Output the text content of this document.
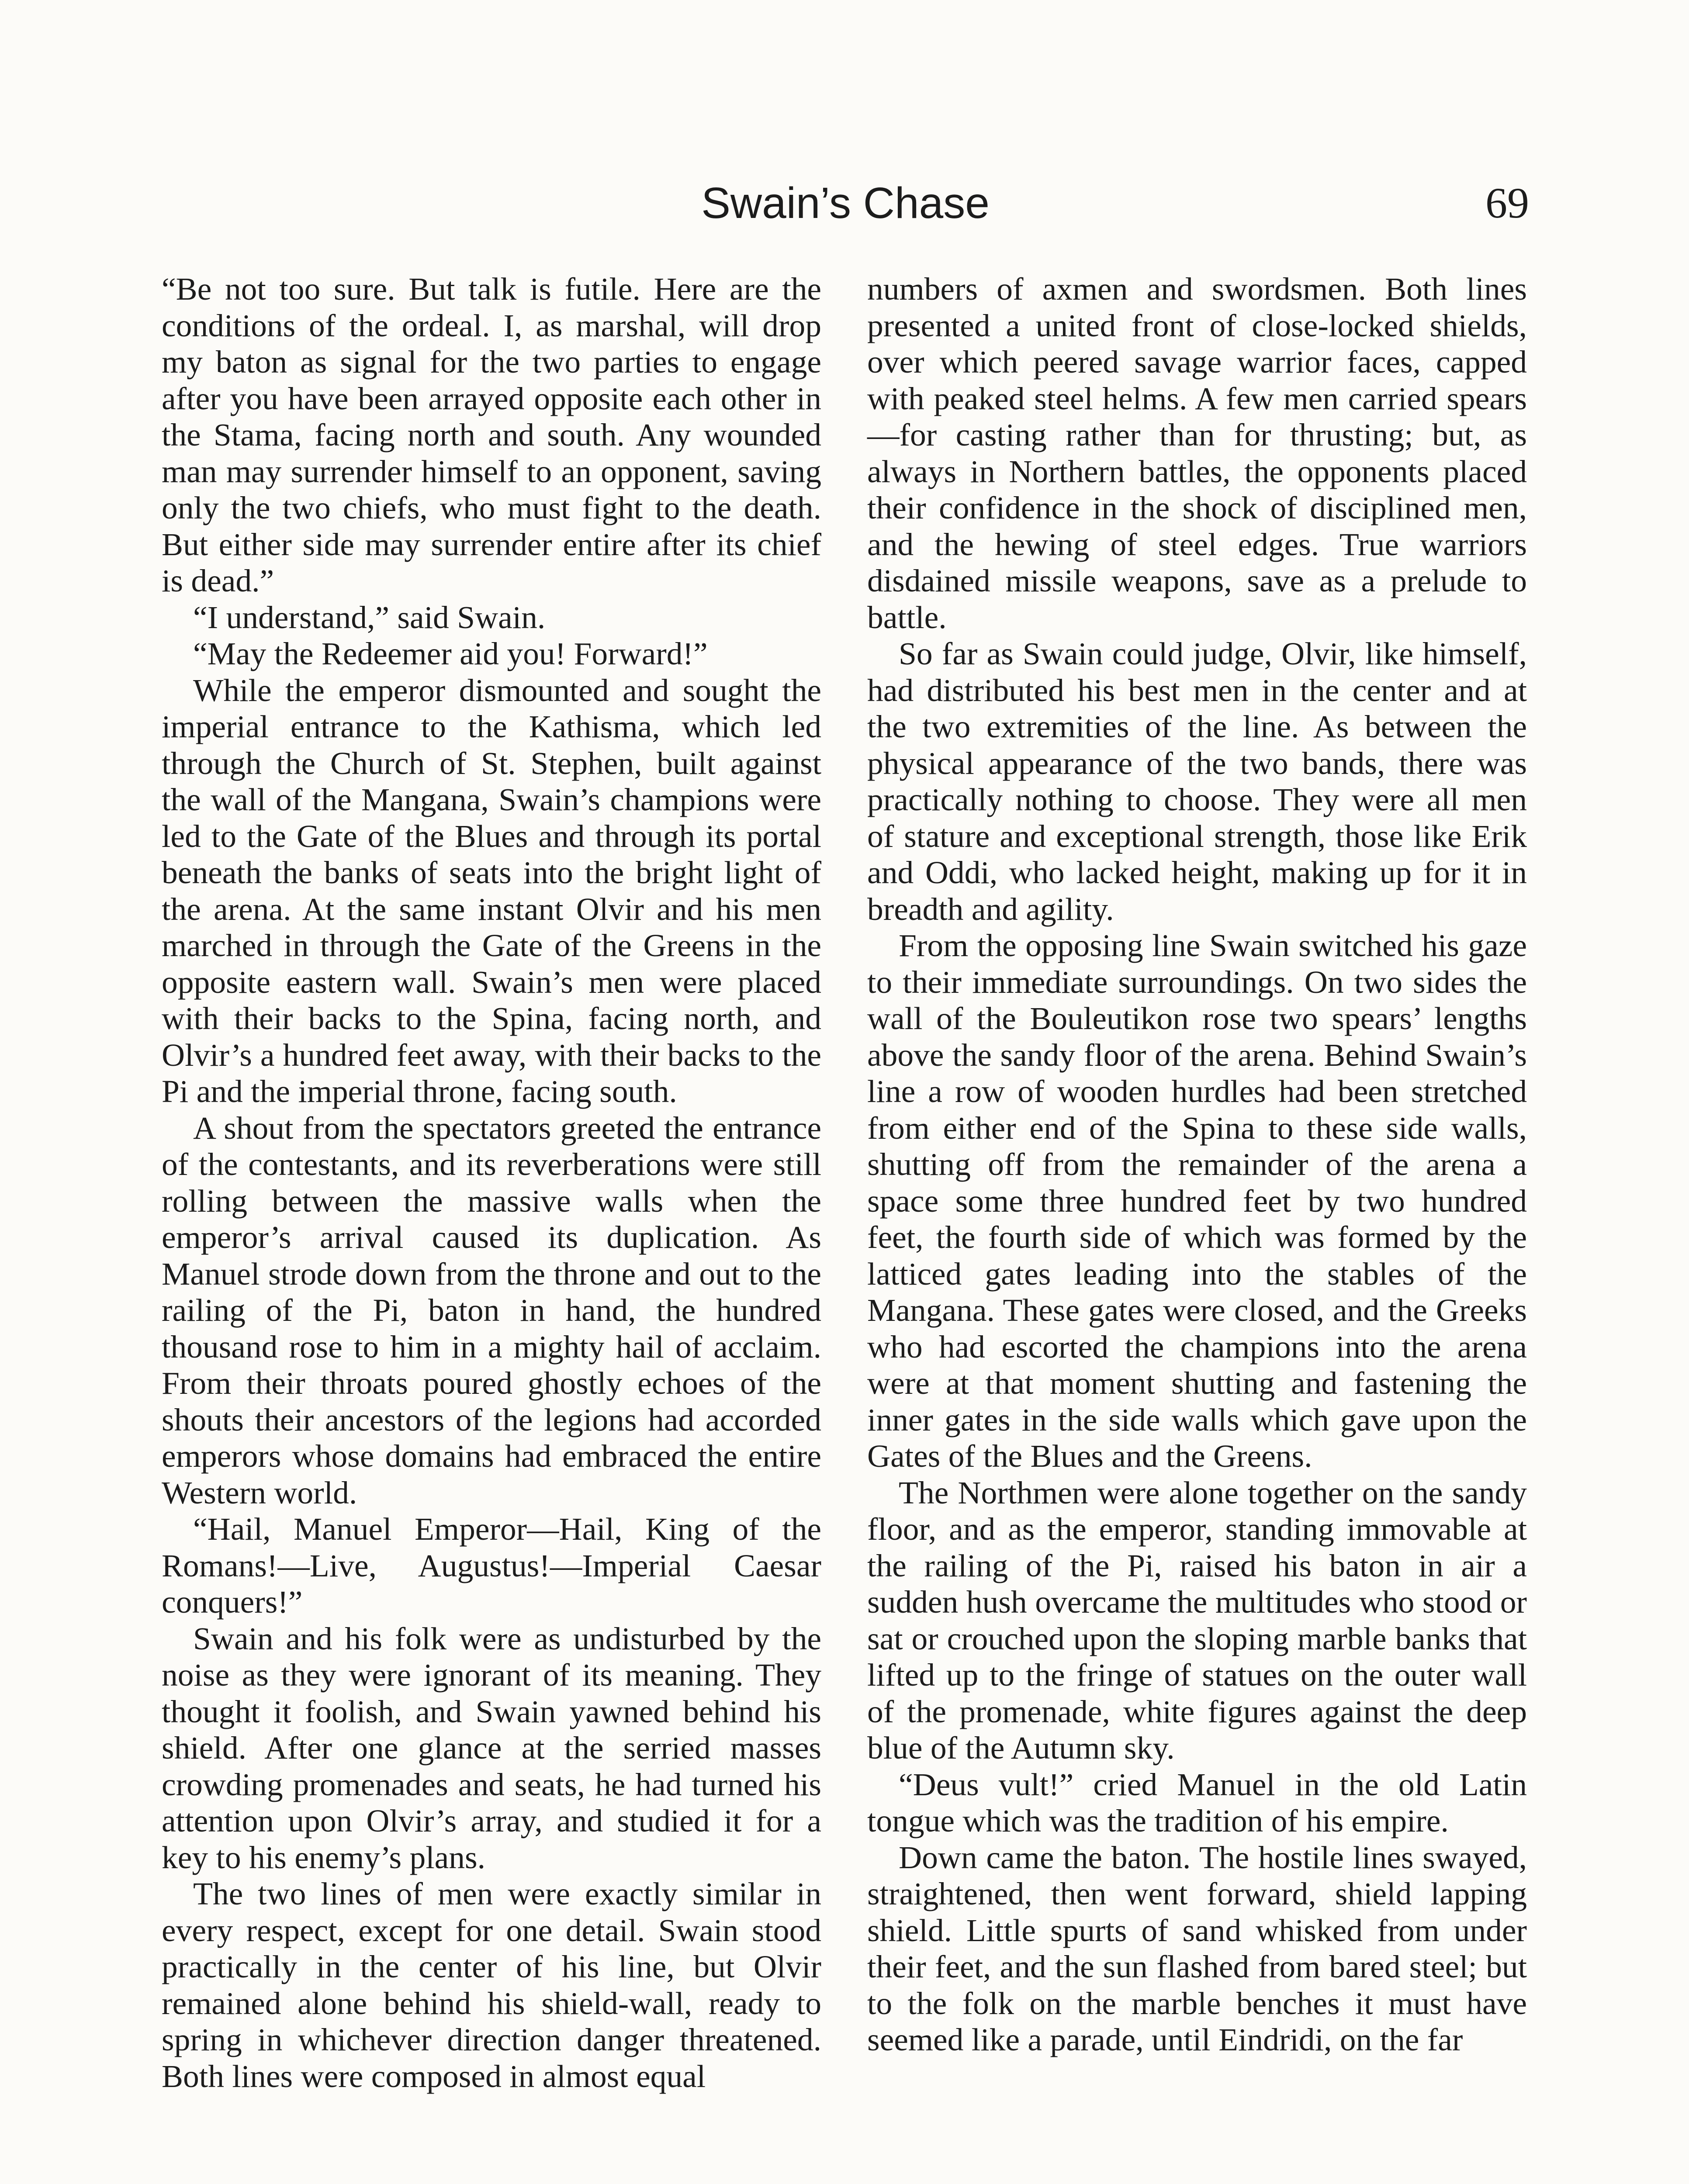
Swain’s Chase	69

“Be not too sure. But talk is futile. Here are the conditions of the ordeal. I, as marshal, will drop my baton as signal for the two parties to engage after you have been arrayed opposite each other in the Stama, facing north and south. Any wounded man may surrender himself to an opponent, saving only the two chiefs, who must fight to the death. But either side may surrender entire after its chief is dead.”

“I understand,” said Swain.

“May the Redeemer aid you! Forward!”

While the emperor dismounted and sought the imperial entrance to the Kathisma, which led through the Church of St. Stephen, built against the wall of the Mangana, Swain’s champions were led to the Gate of the Blues and through its portal beneath the banks of seats into the bright light of the arena. At the same instant Olvir and his men marched in through the Gate of the Greens in the opposite eastern wall. Swain’s men were placed with their backs to the Spina, facing north, and Olvir’s a hundred feet away, with their backs to the Pi and the imperial throne, facing south.

A shout from the spectators greeted the entrance of the contestants, and its reverberations were still rolling between the massive walls when the emperor’s arrival caused its duplication. As Manuel strode down from the throne and out to the railing of the Pi, baton in hand, the hundred thousand rose to him in a mighty hail of acclaim. From their throats poured ghostly echoes of the shouts their ancestors of the legions had accorded emperors whose domains had embraced the entire Western world.

“Hail, Manuel Emperor—Hail, King of the Romans!—Live, Augustus!—Imperial Caesar conquers!”

Swain and his folk were as undisturbed by the noise as they were ignorant of its meaning. They thought it foolish, and Swain yawned behind his shield. After one glance at the serried masses crowding promenades and seats, he had turned his attention upon Olvir’s array, and studied it for a key to his enemy’s plans.

The two lines of men were exactly similar in every respect, except for one detail. Swain stood practically in the center of his line, but Olvir remained alone behind his shield-wall, ready to spring in whichever direction danger threatened. Both lines were composed in almost equal

numbers of axmen and swordsmen. Both lines presented a united front of close-locked shields, over which peered savage warrior faces, capped with peaked steel helms. A few men carried spears—for casting rather than for thrusting; but, as always in Northern battles, the opponents placed their confidence in the shock of disciplined men, and the hewing of steel edges. True warriors disdained missile weapons, save as a prelude to battle.

So far as Swain could judge, Olvir, like himself, had distributed his best men in the center and at the two extremities of the line. As between the physical appearance of the two bands, there was practically nothing to choose. They were all men of stature and exceptional strength, those like Erik and Oddi, who lacked height, making up for it in breadth and agility.

From the opposing line Swain switched his gaze to their immediate surroundings. On two sides the wall of the Bouleutikon rose two spears’ lengths above the sandy floor of the arena. Behind Swain’s line a row of wooden hurdles had been stretched from either end of the Spina to these side walls, shutting off from the remainder of the arena a space some three hundred feet by two hundred feet, the fourth side of which was formed by the latticed gates leading into the stables of the Mangana. These gates were closed, and the Greeks who had escorted the champions into the arena were at that moment shutting and fastening the inner gates in the side walls which gave upon the Gates of the Blues and the Greens.

The Northmen were alone together on the sandy floor, and as the emperor, standing immovable at the railing of the Pi, raised his baton in air a sudden hush overcame the multitudes who stood or sat or crouched upon the sloping marble banks that lifted up to the fringe of statues on the outer wall of the promenade, white figures against the deep blue of the Autumn sky.

“Deus vult!” cried Manuel in the old Latin tongue which was the tradition of his empire.

Down came the baton. The hostile lines swayed, straightened, then went forward, shield lapping shield. Little spurts of sand whisked from under their feet, and the sun flashed from bared steel; but to the folk on the marble benches it must have seemed like a parade, until Eindridi, on the far
